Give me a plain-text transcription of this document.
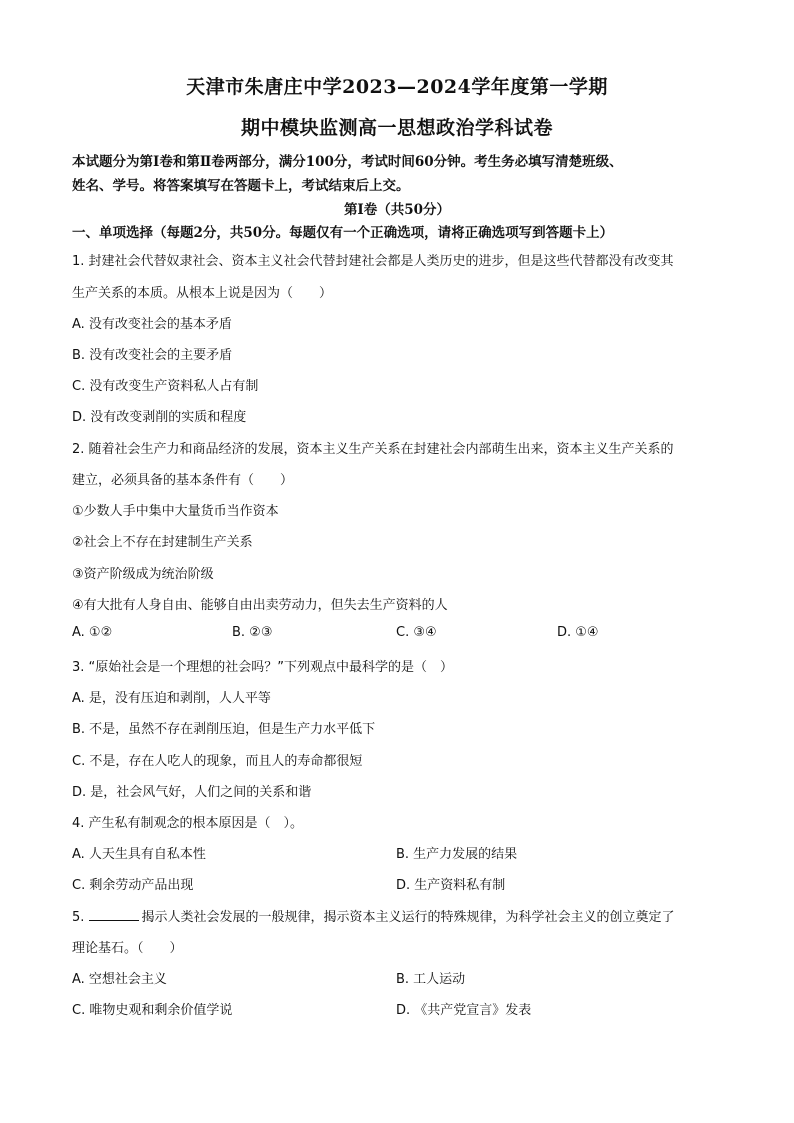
天津市朱唐庄中学2023—2024学年度第一学期
期中模块监测高一思想政治学科试卷
本试题分为第Ⅰ卷和第Ⅱ卷两部分，满分100分，考试时间60分钟。考生务必填写清楚班级、
姓名、学号。将答案填写在答题卡上，考试结束后上交。
第Ⅰ卷（共50分）
一、单项选择（每题2分，共50分。每题仅有一个正确选项，请将正确选项写到答题卡上）
1. 封建社会代替奴隶社会、资本主义社会代替封建社会都是人类历史的进步，但是这些代替都没有改变其
生产关系的本质。从根本上说是因为（　　）
A. 没有改变社会的基本矛盾
B. 没有改变社会的主要矛盾
C. 没有改变生产资料私人占有制
D. 没有改变剥削的实质和程度
2. 随着社会生产力和商品经济的发展，资本主义生产关系在封建社会内部萌生出来，资本主义生产关系的
建立，必须具备的基本条件有（　　）
①少数人手中集中大量货币当作资本
②社会上不存在封建制生产关系
③资产阶级成为统治阶级
④有大批有人身自由、能够自由出卖劳动力，但失去生产资料的人
A. ①②	B. ②③	C. ③④	D. ①④
3. “原始社会是一个理想的社会吗？”下列观点中最科学的是（　）
A. 是，没有压迫和剥削，人人平等
B. 不是，虽然不存在剥削压迫，但是生产力水平低下
C. 不是，存在人吃人的现象，而且人的寿命都很短
D. 是，社会风气好，人们之间的关系和谐
4. 产生私有制观念的根本原因是（　）。
A. 人天生具有自私本性	B. 生产力发展的结果
C. 剩余劳动产品出现	D. 生产资料私有制
5.	揭示人类社会发展的一般规律，揭示资本主义运行的特殊规律，为科学社会主义的创立奠定了
理论基石。（　　）
A. 空想社会主义	B. 工人运动
C. 唯物史观和剩余价值学说	D. 《共产党宣言》发表
